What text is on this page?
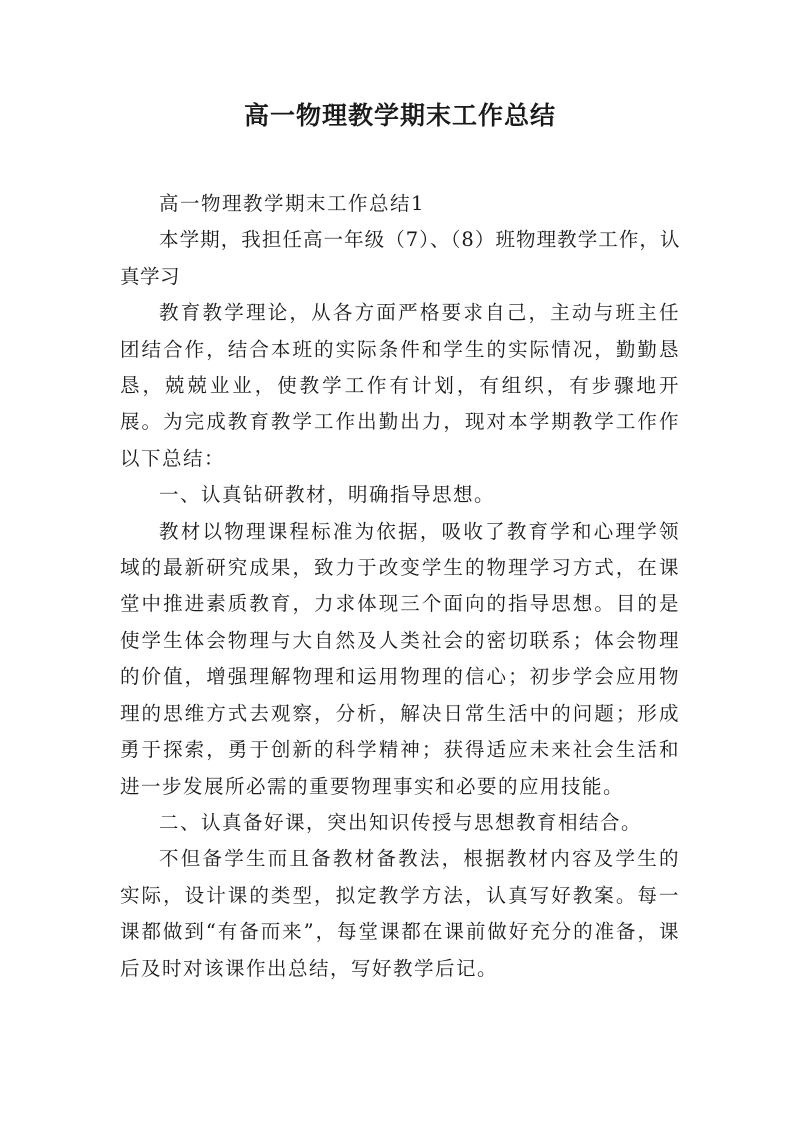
高一物理教学期末工作总结

高一物理教学期末工作总结1

本学期，我担任高一年级（7）、（8）班物理教学工作，认真学习

教育教学理论，从各方面严格要求自己，主动与班主任团结合作，结合本班的实际条件和学生的实际情况，勤勤恳恳，兢兢业业，使教学工作有计划，有组织，有步骤地开展。为完成教育教学工作出勤出力，现对本学期教学工作作以下总结：

一、认真钻研教材，明确指导思想。

教材以物理课程标准为依据，吸收了教育学和心理学领域的最新研究成果，致力于改变学生的物理学习方式，在课堂中推进素质教育，力求体现三个面向的指导思想。目的是使学生体会物理与大自然及人类社会的密切联系；体会物理的价值，增强理解物理和运用物理的信心；初步学会应用物理的思维方式去观察，分析，解决日常生活中的问题；形成勇于探索，勇于创新的科学精神；获得适应未来社会生活和进一步发展所必需的重要物理事实和必要的应用技能。

二、认真备好课，突出知识传授与思想教育相结合。

不但备学生而且备教材备教法，根据教材内容及学生的实际，设计课的类型，拟定教学方法，认真写好教案。每一课都做到“有备而来”，每堂课都在课前做好充分的准备，课后及时对该课作出总结，写好教学后记。
